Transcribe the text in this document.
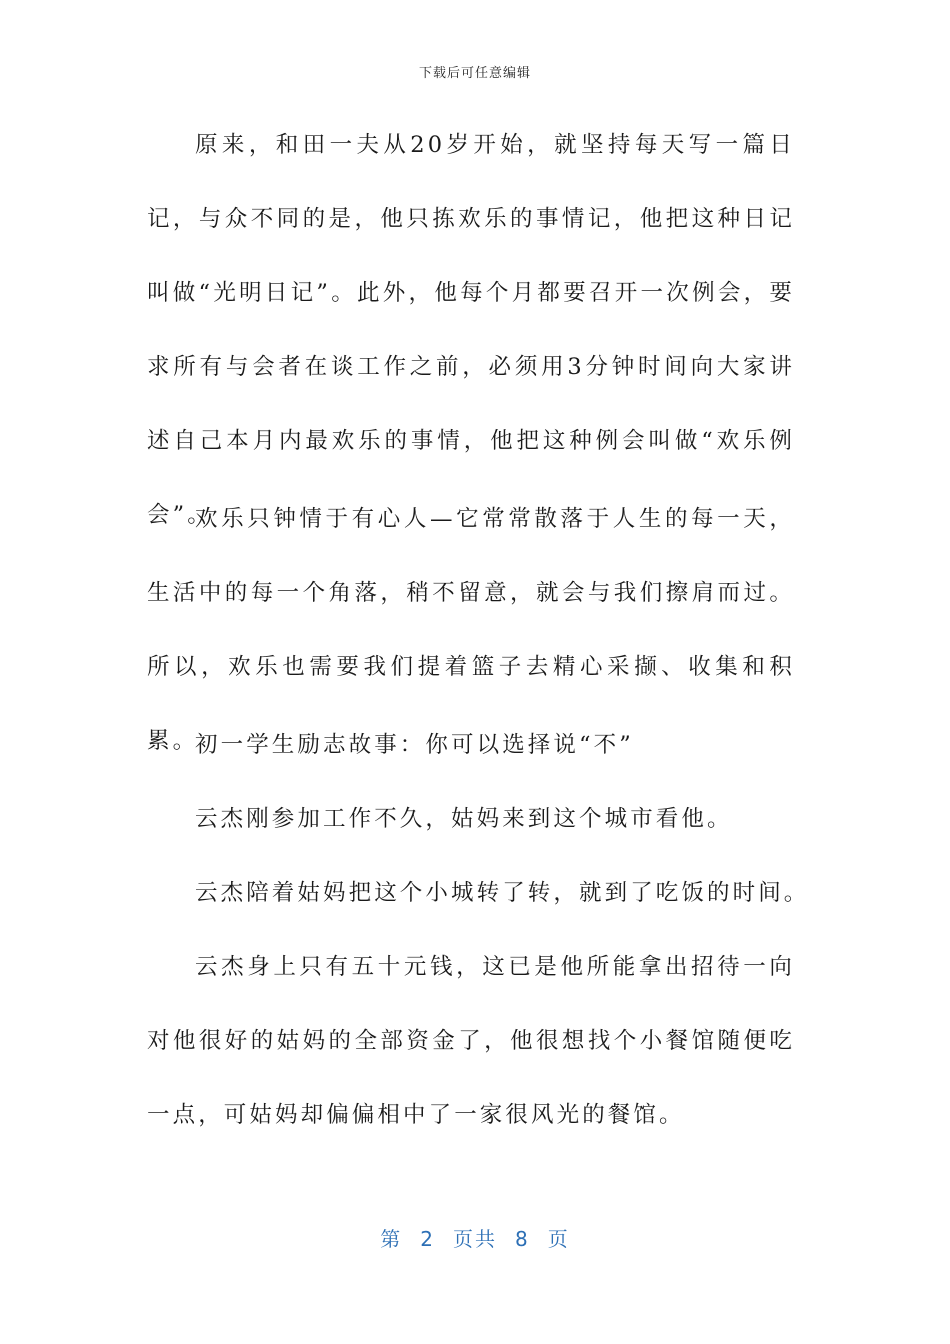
下载后可任意编辑

原来，和田一夫从20岁开始，就坚持每天写一篇日记，与众不同的是，他只拣欢乐的事情记，他把这种日记叫做“光明日记”。此外，他每个月都要召开一次例会，要求所有与会者在谈工作之前，必须用3分钟时间向大家讲述自己本月内最欢乐的事情，他把这种例会叫做“欢乐例会”。

欢乐只钟情于有心人—它常常散落于人生的每一天，生活中的每一个角落，稍不留意，就会与我们擦肩而过。所以，欢乐也需要我们提着篮子去精心采撷、收集和积累。

初一学生励志故事：你可以选择说“不”

云杰刚参加工作不久，姑妈来到这个城市看他。

云杰陪着姑妈把这个小城转了转，就到了吃饭的时间。

云杰身上只有五十元钱，这已是他所能拿出招待一向对他很好的姑妈的全部资金了，他很想找个小餐馆随便吃一点，可姑妈却偏偏相中了一家很风光的餐馆。

第 2 页共 8 页
